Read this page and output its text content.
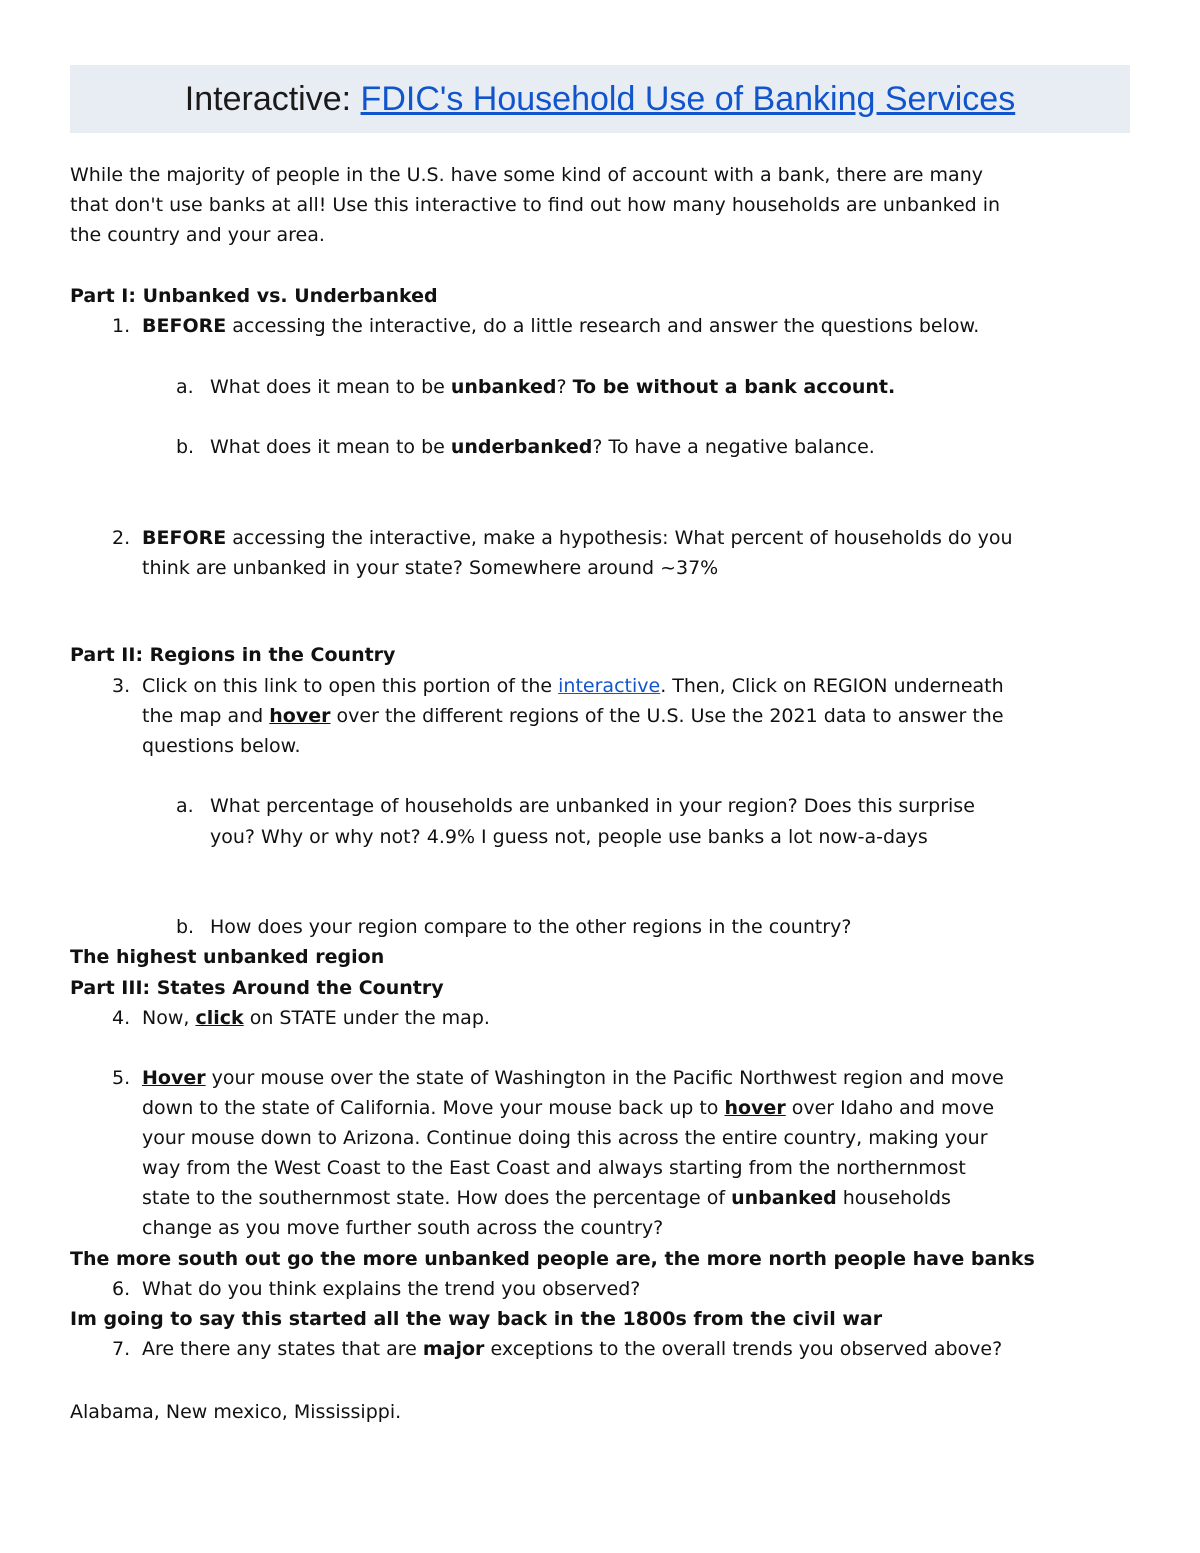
Interactive:
FDIC's Household Use of Banking Services
While the majority of people in the U.S. have some kind of account with a bank, there are many
that don't use banks at all! Use this interactive to find out how many households are unbanked in
the country and your area.
Part I: Unbanked vs. Underbanked
1. BEFORE accessing the interactive, do a little research and answer the questions below.
a. What does it mean to be unbanked? To be without a bank account.
b. What does it mean to be underbanked? To have a negative balance.
2. BEFORE accessing the interactive, make a hypothesis: What percent of households do you
think are unbanked in your state? Somewhere around ~37%
Part II: Regions in the Country
3. Click on this link to open this portion of the interactive. Then, Click on REGION underneath
the map and hover over the different regions of the U.S. Use the 2021 data to answer the
questions below.
a. What percentage of households are unbanked in your region? Does this surprise
you? Why or why not? 4.9% I guess not, people use banks a lot now-a-days
b. How does your region compare to the other regions in the country?
The highest unbanked region
Part III: States Around the Country
4. Now, click on STATE under the map.
5. Hover your mouse over the state of Washington in the Pacific Northwest region and move
down to the state of California. Move your mouse back up to hover over Idaho and move
your mouse down to Arizona. Continue doing this across the entire country, making your
way from the West Coast to the East Coast and always starting from the northernmost
state to the southernmost state. How does the percentage of unbanked households
change as you move further south across the country?
The more south out go the more unbanked people are, the more north people have banks
6. What do you think explains the trend you observed?
Im going to say this started all the way back in the 1800s from the civil war
7. Are there any states that are major exceptions to the overall trends you observed above?
Alabama, New mexico, Mississippi.
